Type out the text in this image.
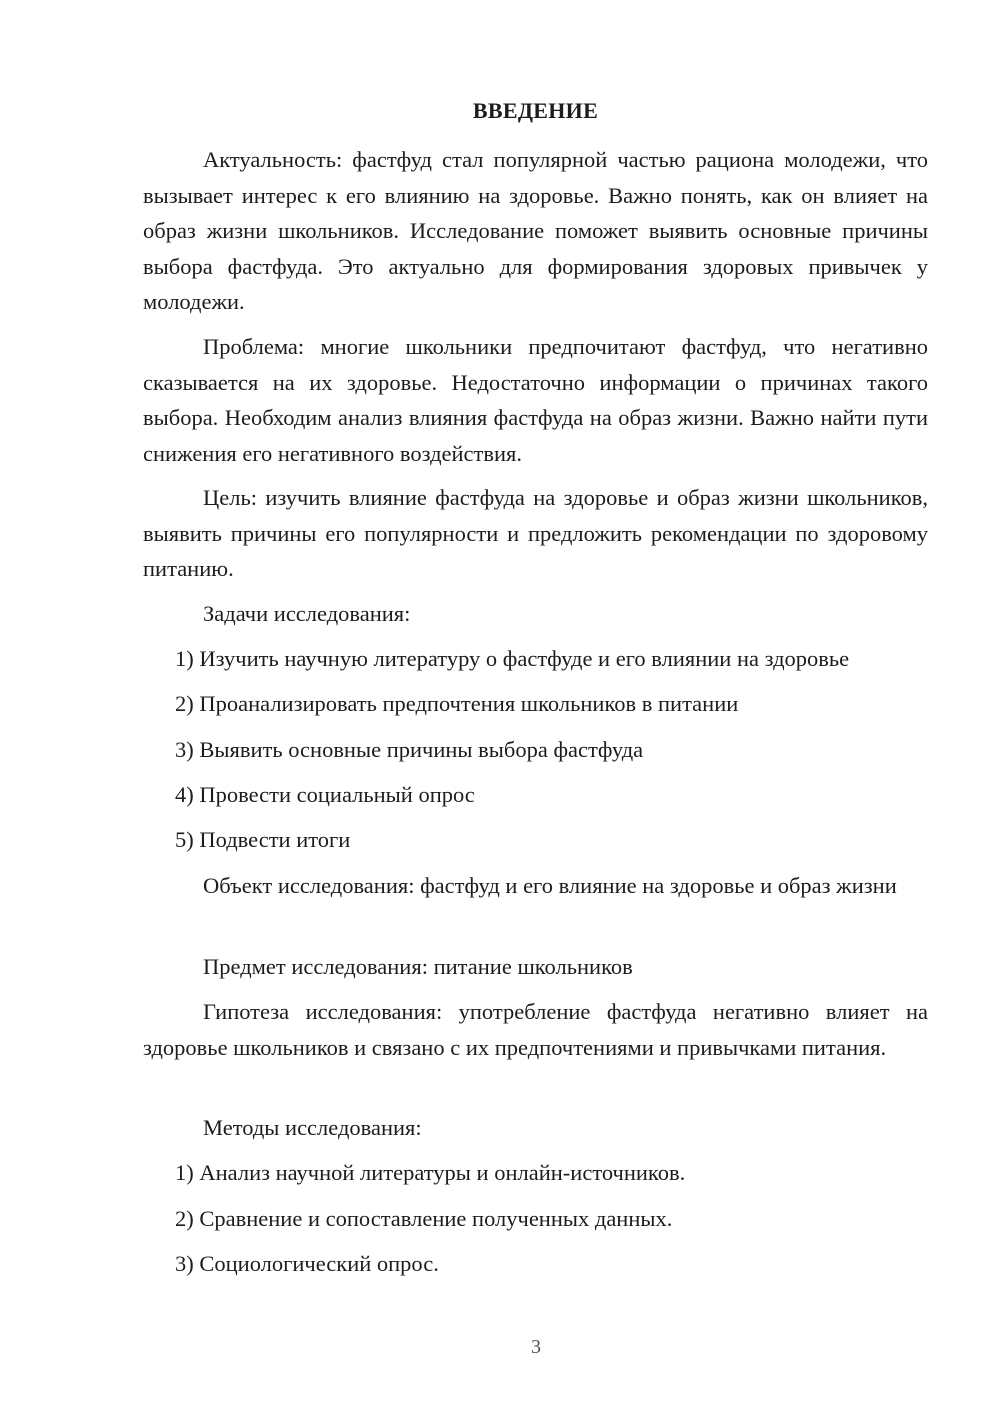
ВВЕДЕНИЕ

Актуальность: фастфуд стал популярной частью рациона молодежи, что вызывает интерес к его влиянию на здоровье. Важно понять, как он влияет на образ жизни школьников. Исследование поможет выявить основные причины выбора фастфуда. Это актуально для формирования здоровых привычек у молодежи.

Проблема: многие школьники предпочитают фастфуд, что негативно сказывается на их здоровье. Недостаточно информации о причинах такого выбора. Необходим анализ влияния фастфуда на образ жизни. Важно найти пути снижения его негативного воздействия.

Цель: изучить влияние фастфуда на здоровье и образ жизни школьников, выявить причины его популярности и предложить рекомендации по здоровому питанию.

Задачи исследования:

1) Изучить научную литературу о фастфуде и его влиянии на здоровье

2) Проанализировать предпочтения школьников в питании

3) Выявить основные причины выбора фастфуда

4) Провести социальный опрос

5) Подвести итоги

Объект исследования: фастфуд и его влияние на здоровье и образ жизни

Предмет исследования: питание школьников

Гипотеза исследования: употребление фастфуда негативно влияет на здоровье школьников и связано с их предпочтениями и привычками питания.

Методы исследования:

1) Анализ научной литературы и онлайн-источников.

2) Сравнение и сопоставление полученных данных.

3) Социологический опрос.

3
